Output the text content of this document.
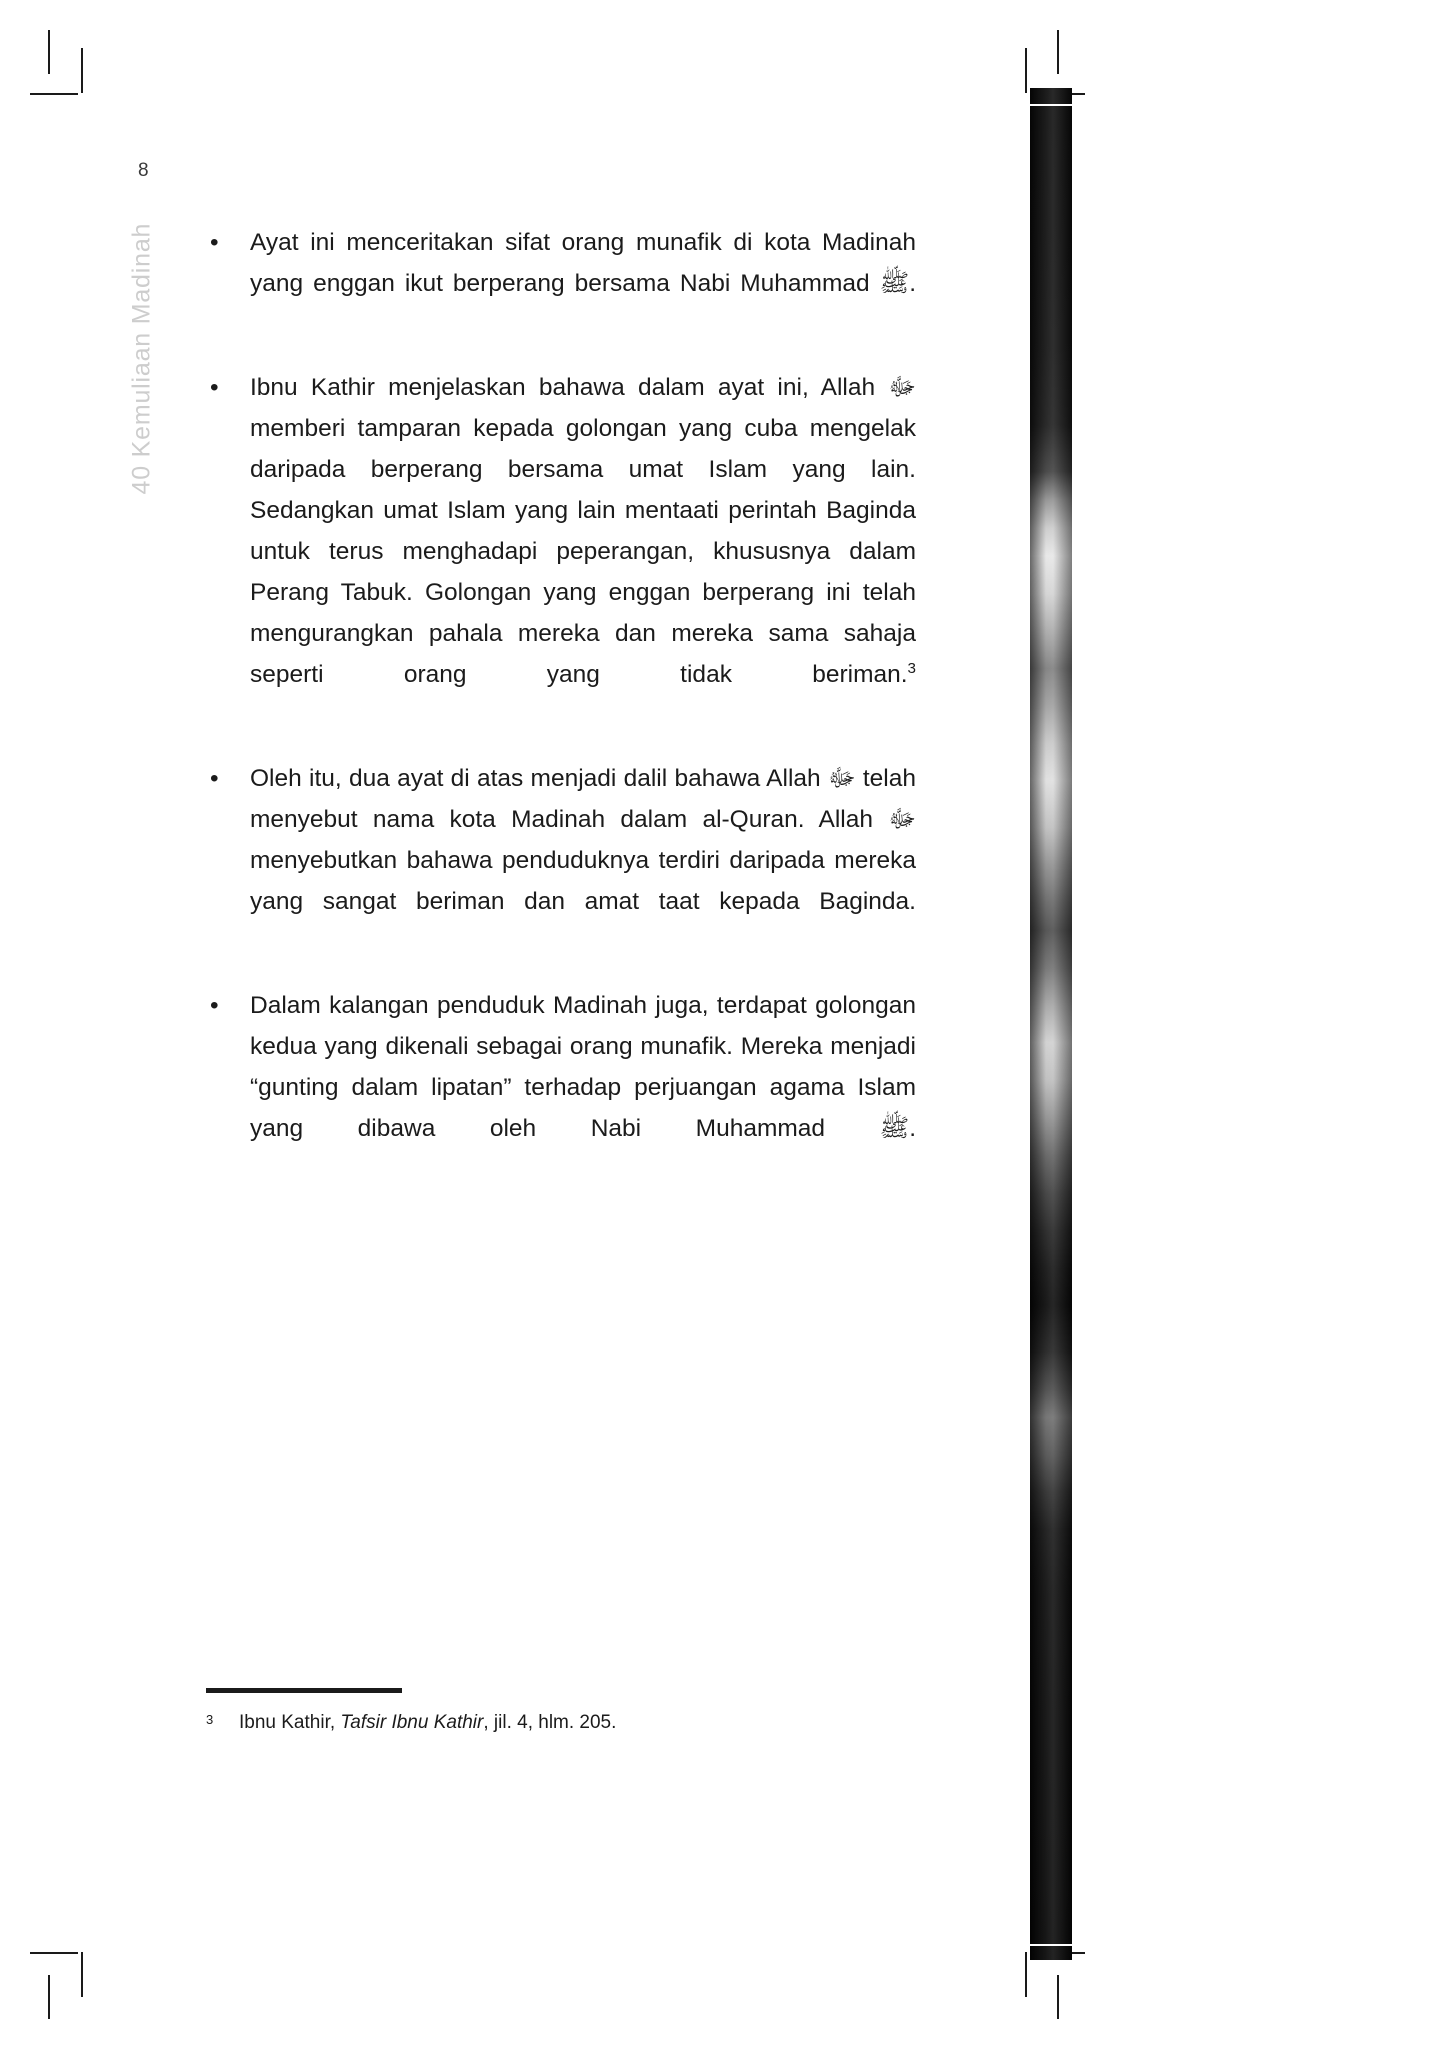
8
40 Kemuliaan Madinah • Ayat ini menceritakan sifat orang munafik di kota Madinah yang enggan ikut berperang bersama Nabi Muhammad ﷺ.
• Ibnu Kathir menjelaskan bahawa dalam ayat ini, Allah ﷻ memberi tamparan kepada golongan yang cuba mengelak daripada berperang bersama umat Islam yang lain. Sedangkan umat Islam yang lain mentaati perintah Baginda untuk terus menghadapi peperangan, khususnya dalam Perang Tabuk. Golongan yang enggan berperang ini telah mengurangkan pahala mereka dan mereka sama sahaja seperti orang yang tidak beriman.$^3$
• Oleh itu, dua ayat di atas menjadi dalil bahawa Allah ﷻ telah menyebut nama kota Madinah dalam al-Quran. Allah ﷻ menyebutkan bahawa penduduknya terdiri daripada mereka yang sangat beriman dan amat taat kepada Baginda.
• Dalam kalangan penduduk Madinah juga, terdapat golongan kedua yang dikenali sebagai orang munafik. Mereka menjadi “gunting dalam lipatan” terhadap perjuangan agama Islam yang dibawa oleh Nabi Muhammad ﷺ.
3	Ibnu Kathir, Tafsir Ibnu Kathir, jil. 4, hlm. 205.
